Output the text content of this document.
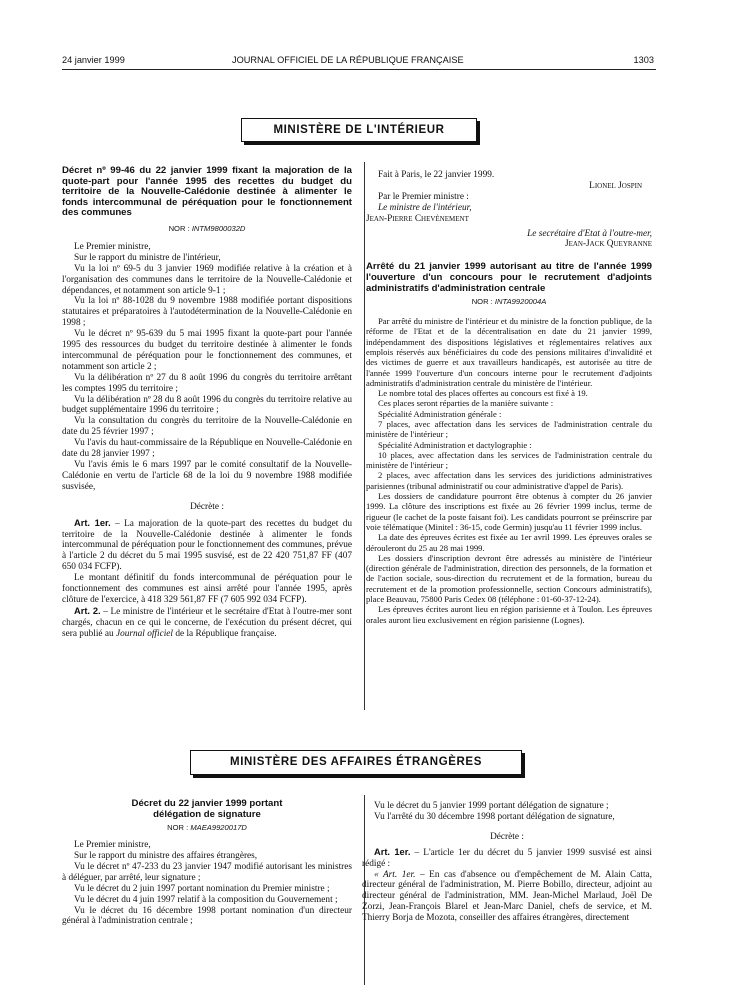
24 janvier 1999	JOURNAL OFFICIEL DE LA RÉPUBLIQUE FRANÇAISE	1303
MINISTÈRE DE L'INTÉRIEUR
Décret nº 99-46 du 22 janvier 1999 fixant la majoration de la quote-part pour l'année 1995 des recettes du budget du territoire de la Nouvelle-Calédonie destinée à alimenter le fonds intercommunal de péréquation pour le fonctionnement des communes
NOR : INTM9800032D

Le Premier ministre,

Sur le rapport du ministre de l'intérieur,

Vu la loi nº 69-5 du 3 janvier 1969 modifiée relative à la création et à l'organisation des communes dans le territoire de la Nouvelle-Calédonie et dépendances, et notamment son article 9-1 ;

Vu la loi nº 88-1028 du 9 novembre 1988 modifiée portant dispositions statutaires et préparatoires à l'autodétermination de la Nouvelle-Calédonie en 1998 ;

Vu le décret nº 95-639 du 5 mai 1995 fixant la quote-part pour l'année 1995 des ressources du budget du territoire destinée à alimenter le fonds intercommunal de péréquation pour le fonctionnement des communes, et notamment son article 2 ;

Vu la délibération nº 27 du 8 août 1996 du congrès du territoire arrêtant les comptes 1995 du territoire ;

Vu la délibération nº 28 du 8 août 1996 du congrès du territoire relative au budget supplémentaire 1996 du territoire ;

Vu la consultation du congrès du territoire de la Nouvelle-Calédonie en date du 25 février 1997 ;

Vu l'avis du haut-commissaire de la République en Nouvelle-Calédonie en date du 28 janvier 1997 ;

Vu l'avis émis le 6 mars 1997 par le comité consultatif de la Nouvelle-Calédonie en vertu de l'article 68 de la loi du 9 novembre 1988 modifiée susvisée,

Décrète :

Art. 1er. – La majoration de la quote-part des recettes du budget du territoire de la Nouvelle-Calédonie destinée à alimenter le fonds intercommunal de péréquation pour le fonctionnement des communes, prévue à l'article 2 du décret du 5 mai 1995 susvisé, est de 22 420 751,87 FF (407 650 034 FCFP).

Le montant définitif du fonds intercommunal de péréquation pour le fonctionnement des communes est ainsi arrêté pour l'année 1995, après clôture de l'exercice, à 418 329 561,87 FF (7 605 992 034 FCFP).

Art. 2. – Le ministre de l'intérieur et le secrétaire d'Etat à l'outre-mer sont chargés, chacun en ce qui le concerne, de l'exécution du présent décret, qui sera publié au Journal officiel de la République française.

Fait à Paris, le 22 janvier 1999.

Lionel Jospin

Par le Premier ministre :

Le ministre de l'intérieur,

Jean-Pierre Chevènement

Le secrétaire d'Etat à l'outre-mer,

Jean-Jack Queyranne

Arrêté du 21 janvier 1999 autorisant au titre de l'année 1999 l'ouverture d'un concours pour le recrutement d'adjoints administratifs d'administration centrale
NOR : INTA9920004A

Par arrêté du ministre de l'intérieur et du ministre de la fonction publique, de la réforme de l'Etat et de la décentralisation en date du 21 janvier 1999, indépendamment des dispositions législatives et réglementaires relatives aux emplois réservés aux bénéficiaires du code des pensions militaires d'invalidité et des victimes de guerre et aux travailleurs handicapés, est autorisée au titre de l'année 1999 l'ouverture d'un concours interne pour le recrutement d'adjoints administratifs d'administration centrale du ministère de l'intérieur.

Le nombre total des places offertes au concours est fixé à 19.

Ces places seront réparties de la manière suivante :

Spécialité Administration générale :

7 places, avec affectation dans les services de l'administration centrale du ministère de l'intérieur ;

Spécialité Administration et dactylographie :

10 places, avec affectation dans les services de l'administration centrale du ministère de l'intérieur ;

2 places, avec affectation dans les services des juridictions administratives parisiennes (tribunal administratif ou cour administrative d'appel de Paris).

Les dossiers de candidature pourront être obtenus à compter du 26 janvier 1999. La clôture des inscriptions est fixée au 26 février 1999 inclus, terme de rigueur (le cachet de la poste faisant foi). Les candidats pourront se préinscrire par voie télématique (Minitel : 36-15, code Germin) jusqu'au 11 février 1999 inclus.

La date des épreuves écrites est fixée au 1er avril 1999. Les épreuves orales se dérouleront du 25 au 28 mai 1999.

Les dossiers d'inscription devront être adressés au ministère de l'intérieur (direction générale de l'administration, direction des personnels, de la formation et de l'action sociale, sous-direction du recrutement et de la formation, bureau du recrutement et de la promotion professionnelle, section Concours administratifs), place Beauvau, 75800 Paris Cedex 08 (téléphone : 01-60-37-12-24).

Les épreuves écrites auront lieu en région parisienne et à Toulon. Les épreuves orales auront lieu exclusivement en région parisienne (Lognes).

MINISTÈRE DES AFFAIRES ÉTRANGÈRES
Décret du 22 janvier 1999 portant délégation de signature
NOR : MAEA9920017D

Le Premier ministre,

Sur le rapport du ministre des affaires étrangères,

Vu le décret nº 47-233 du 23 janvier 1947 modifié autorisant les ministres à déléguer, par arrêté, leur signature ;

Vu le décret du 2 juin 1997 portant nomination du Premier ministre ;

Vu le décret du 4 juin 1997 relatif à la composition du Gouvernement ;

Vu le décret du 16 décembre 1998 portant nomination d'un directeur général à l'administration centrale ;

Vu le décret du 5 janvier 1999 portant délégation de signature ;

Vu l'arrêté du 30 décembre 1998 portant délégation de signature,

Décrète :

Art. 1er. – L'article 1er du décret du 5 janvier 1999 susvisé est ainsi rédigé :

« Art. 1er. – En cas d'absence ou d'empêchement de M. Alain Catta, directeur général de l'administration, M. Pierre Bobillo, directeur, adjoint au directeur général de l'administration, MM. Jean-Michel Marlaud, Joël De Zorzi, Jean-François Blarel et Jean-Marc Daniel, chefs de service, et M. Thierry Borja de Mozota, conseiller des affaires étrangères, directement
